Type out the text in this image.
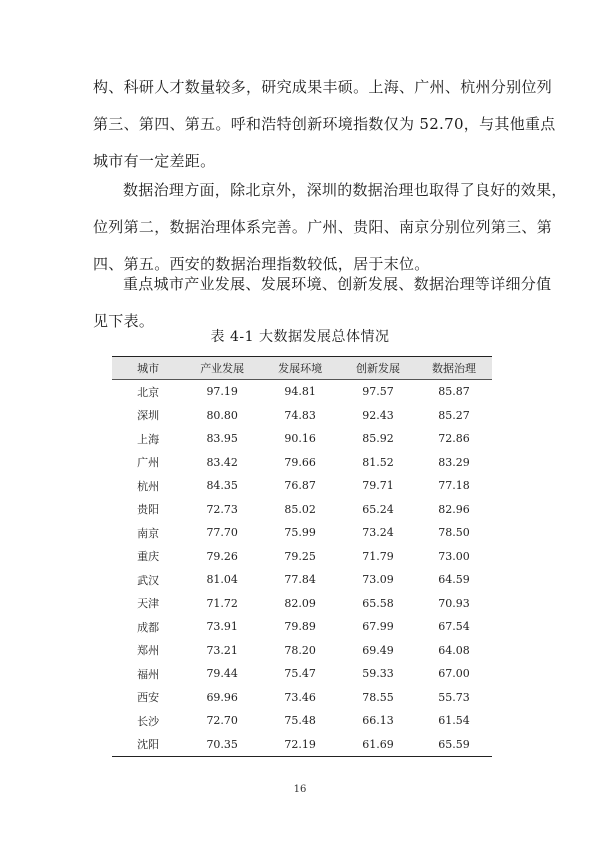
构、科研人才数量较多，研究成果丰硕。上海、广州、杭州分别位列
第三、第四、第五。呼和浩特创新环境指数仅为 52.70，与其他重点
城市有一定差距。
数据治理方面，除北京外，深圳的数据治理也取得了良好的效果，
位列第二，数据治理体系完善。广州、贵阳、南京分别位列第三、第
四、第五。西安的数据治理指数较低，居于末位。
重点城市产业发展、发展环境、创新发展、数据治理等详细分值
见下表。
表 4-1 大数据发展总体情况
城市	产业发展	发展环境	创新发展	数据治理
北京	97.19	94.81	97.57	85.87
深圳	80.80	74.83	92.43	85.27
上海	83.95	90.16	85.92	72.86
广州	83.42	79.66	81.52	83.29
杭州	84.35	76.87	79.71	77.18
贵阳	72.73	85.02	65.24	82.96
南京	77.70	75.99	73.24	78.50
重庆	79.26	79.25	71.79	73.00
武汉	81.04	77.84	73.09	64.59
天津	71.72	82.09	65.58	70.93
成都	73.91	79.89	67.99	67.54
郑州	73.21	78.20	69.49	64.08
福州	79.44	75.47	59.33	67.00
西安	69.96	73.46	78.55	55.73
长沙	72.70	75.48	66.13	61.54
沈阳	70.35	72.19	61.69	65.59
16
